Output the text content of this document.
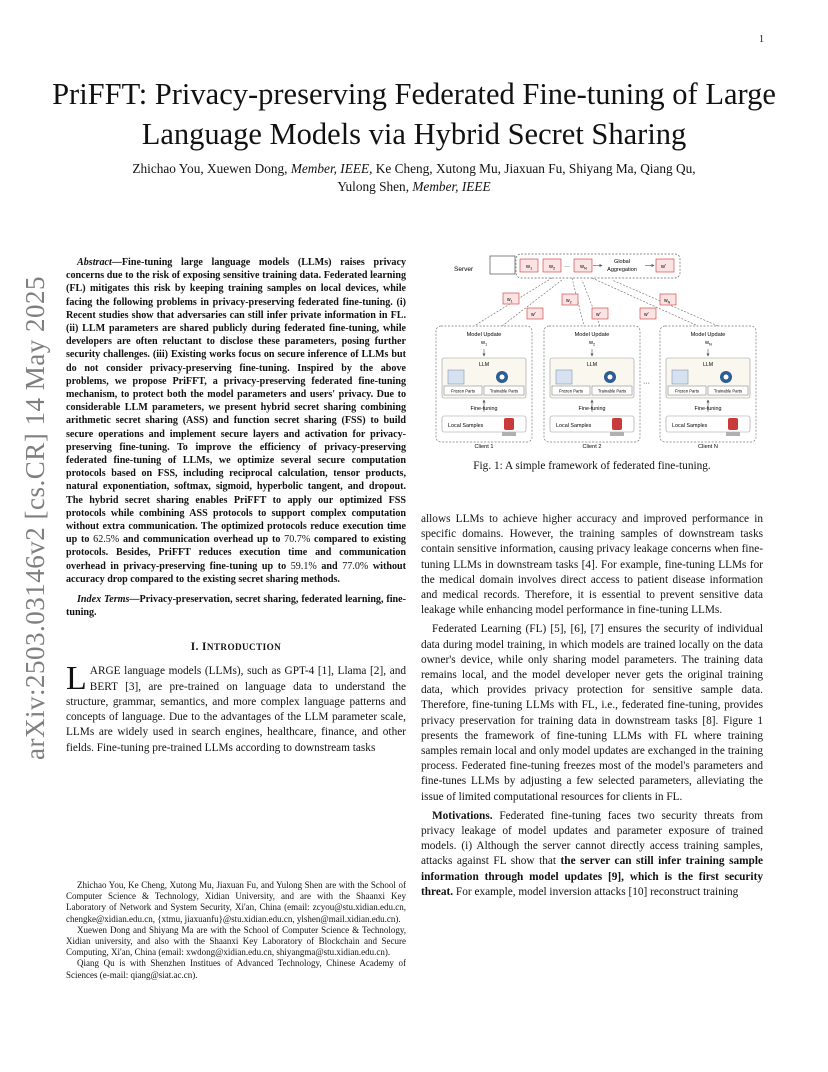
1
arXiv:2503.03146v2 [cs.CR] 14 May 2025
PriFFT: Privacy-preserving Federated Fine-tuning of Large Language Models via Hybrid Secret Sharing
Zhichao You, Xuewen Dong, Member, IEEE, Ke Cheng, Xutong Mu, Jiaxuan Fu, Shiyang Ma, Qiang Qu,
Yulong Shen, Member, IEEE

Abstract—Fine-tuning large language models (LLMs) raises privacy concerns due to the risk of exposing sensitive training data. Federated learning (FL) mitigates this risk by keeping training samples on local devices, while facing the following problems in privacy-preserving federated fine-tuning. (i) Recent studies show that adversaries can still infer private information in FL. (ii) LLM parameters are shared publicly during federated fine-tuning, while developers are often reluctant to disclose these parameters, posing further security challenges. (iii) Existing works focus on secure inference of LLMs but do not consider privacy-preserving fine-tuning. Inspired by the above problems, we propose PriFFT, a privacy-preserving federated fine-tuning mechanism, to protect both the model parameters and users' privacy. Due to considerable LLM parameters, we present hybrid secret sharing combining arithmetic secret sharing (ASS) and function secret sharing (FSS) to build secure operations and implement secure layers and activation for privacy-preserving fine-tuning. To improve the efficiency of privacy-preserving federated fine-tuning of LLMs, we optimize several secure computation protocols based on FSS, including reciprocal calculation, tensor products, natural exponentiation, softmax, sigmoid, hyperbolic tangent, and dropout. The hybrid secret sharing enables PriFFT to apply our optimized FSS protocols while combining ASS protocols to support complex computation without extra communication. The optimized protocols reduce execution time up to 62.5% and communication overhead up to 70.7% compared to existing protocols. Besides, PriFFT reduces execution time and communication overhead in privacy-preserving fine-tuning up to 59.1% and 77.0% without accuracy drop compared to the existing secret sharing methods.

Index Terms—Privacy-preservation, secret sharing, federated learning, fine-tuning.

I. INTRODUCTION

LARGE language models (LLMs), such as GPT-4 [1], Llama [2], and BERT [3], are pre-trained on language data to understand the structure, grammar, semantics, and more complex language patterns and concepts of language. Due to the advantages of the LLM parameter scale, LLMs are widely used in search engines, healthcare, finance, and other fields. Fine-tuning pre-trained LLMs according to downstream tasks

Zhichao You, Ke Cheng, Xutong Mu, Jiaxuan Fu, and Yulong Shen are with the School of Computer Science & Technology, Xidian University, and are with the Shaanxi Key Laboratory of Network and System Security, Xi'an, China (email: zcyou@stu.xidian.edu.cn, chengke@xidian.edu.cn, {xtmu, jiaxuanfu}@stu.xidian.edu.cn, ylshen@mail.xidian.edu.cn).

Xuewen Dong and Shiyang Ma are with the School of Computer Science & Technology, Xidian university, and also with the Shaanxi Key Laboratory of Blockchain and Secure Computing, Xi'an, China (email: xwdong@xidian.edu.cn, shiyangma@stu.xidian.edu.cn).

Qiang Qu is with Shenzhen Institues of Advanced Technology, Chinese Academy of Sciences (e-mail: qiang@siat.ac.cn).

Server	$w_1$	$w_2$ ··· $w_N$
Global
Aggregation	w'
$w_1$	$w_2$	$w_N$
w'	w'	w'
Model Update
$w_1$
LLM
Frozen Parts	Trainable Parts
Fine-tuning
Local Samples
Client 1
Model Update
$w_2$
LLM
Frozen Parts	Trainable Parts
Fine-tuning
Local Samples
Client 2
Model Update
$w_N$
LLM
Frozen Parts	Trainable Parts
Fine-tuning
Local Samples
Client N
···
Fig. 1: A simple framework of federated fine-tuning.

allows LLMs to achieve higher accuracy and improved performance in specific domains. However, the training samples of downstream tasks contain sensitive information, causing privacy leakage concerns when fine-tuning LLMs in downstream tasks [4]. For example, fine-tuning LLMs for the medical domain involves direct access to patient disease information and medical records. Therefore, it is essential to prevent sensitive data leakage while enhancing model performance in fine-tuning LLMs.

Federated Learning (FL) [5], [6], [7] ensures the security of individual data during model training, in which models are trained locally on the data owner's device, while only sharing model parameters. The training data remains local, and the model developer never gets the original training data, which provides privacy protection for sensitive sample data. Therefore, fine-tuning LLMs with FL, i.e., federated fine-tuning, provides privacy preservation for training data in downstream tasks [8]. Figure 1 presents the framework of fine-tuning LLMs with FL where training samples remain local and only model updates are exchanged in the training process. Federated fine-tuning freezes most of the model's parameters and fine-tunes LLMs by adjusting a few selected parameters, alleviating the issue of limited computational resources for clients in FL.

Motivations. Federated fine-tuning faces two security threats from privacy leakage of model updates and parameter exposure of trained models. (i) Although the server cannot directly access training samples, attacks against FL show that the server can still infer training sample information through model updates [9], which is the first security threat. For example, model inversion attacks [10] reconstruct training
